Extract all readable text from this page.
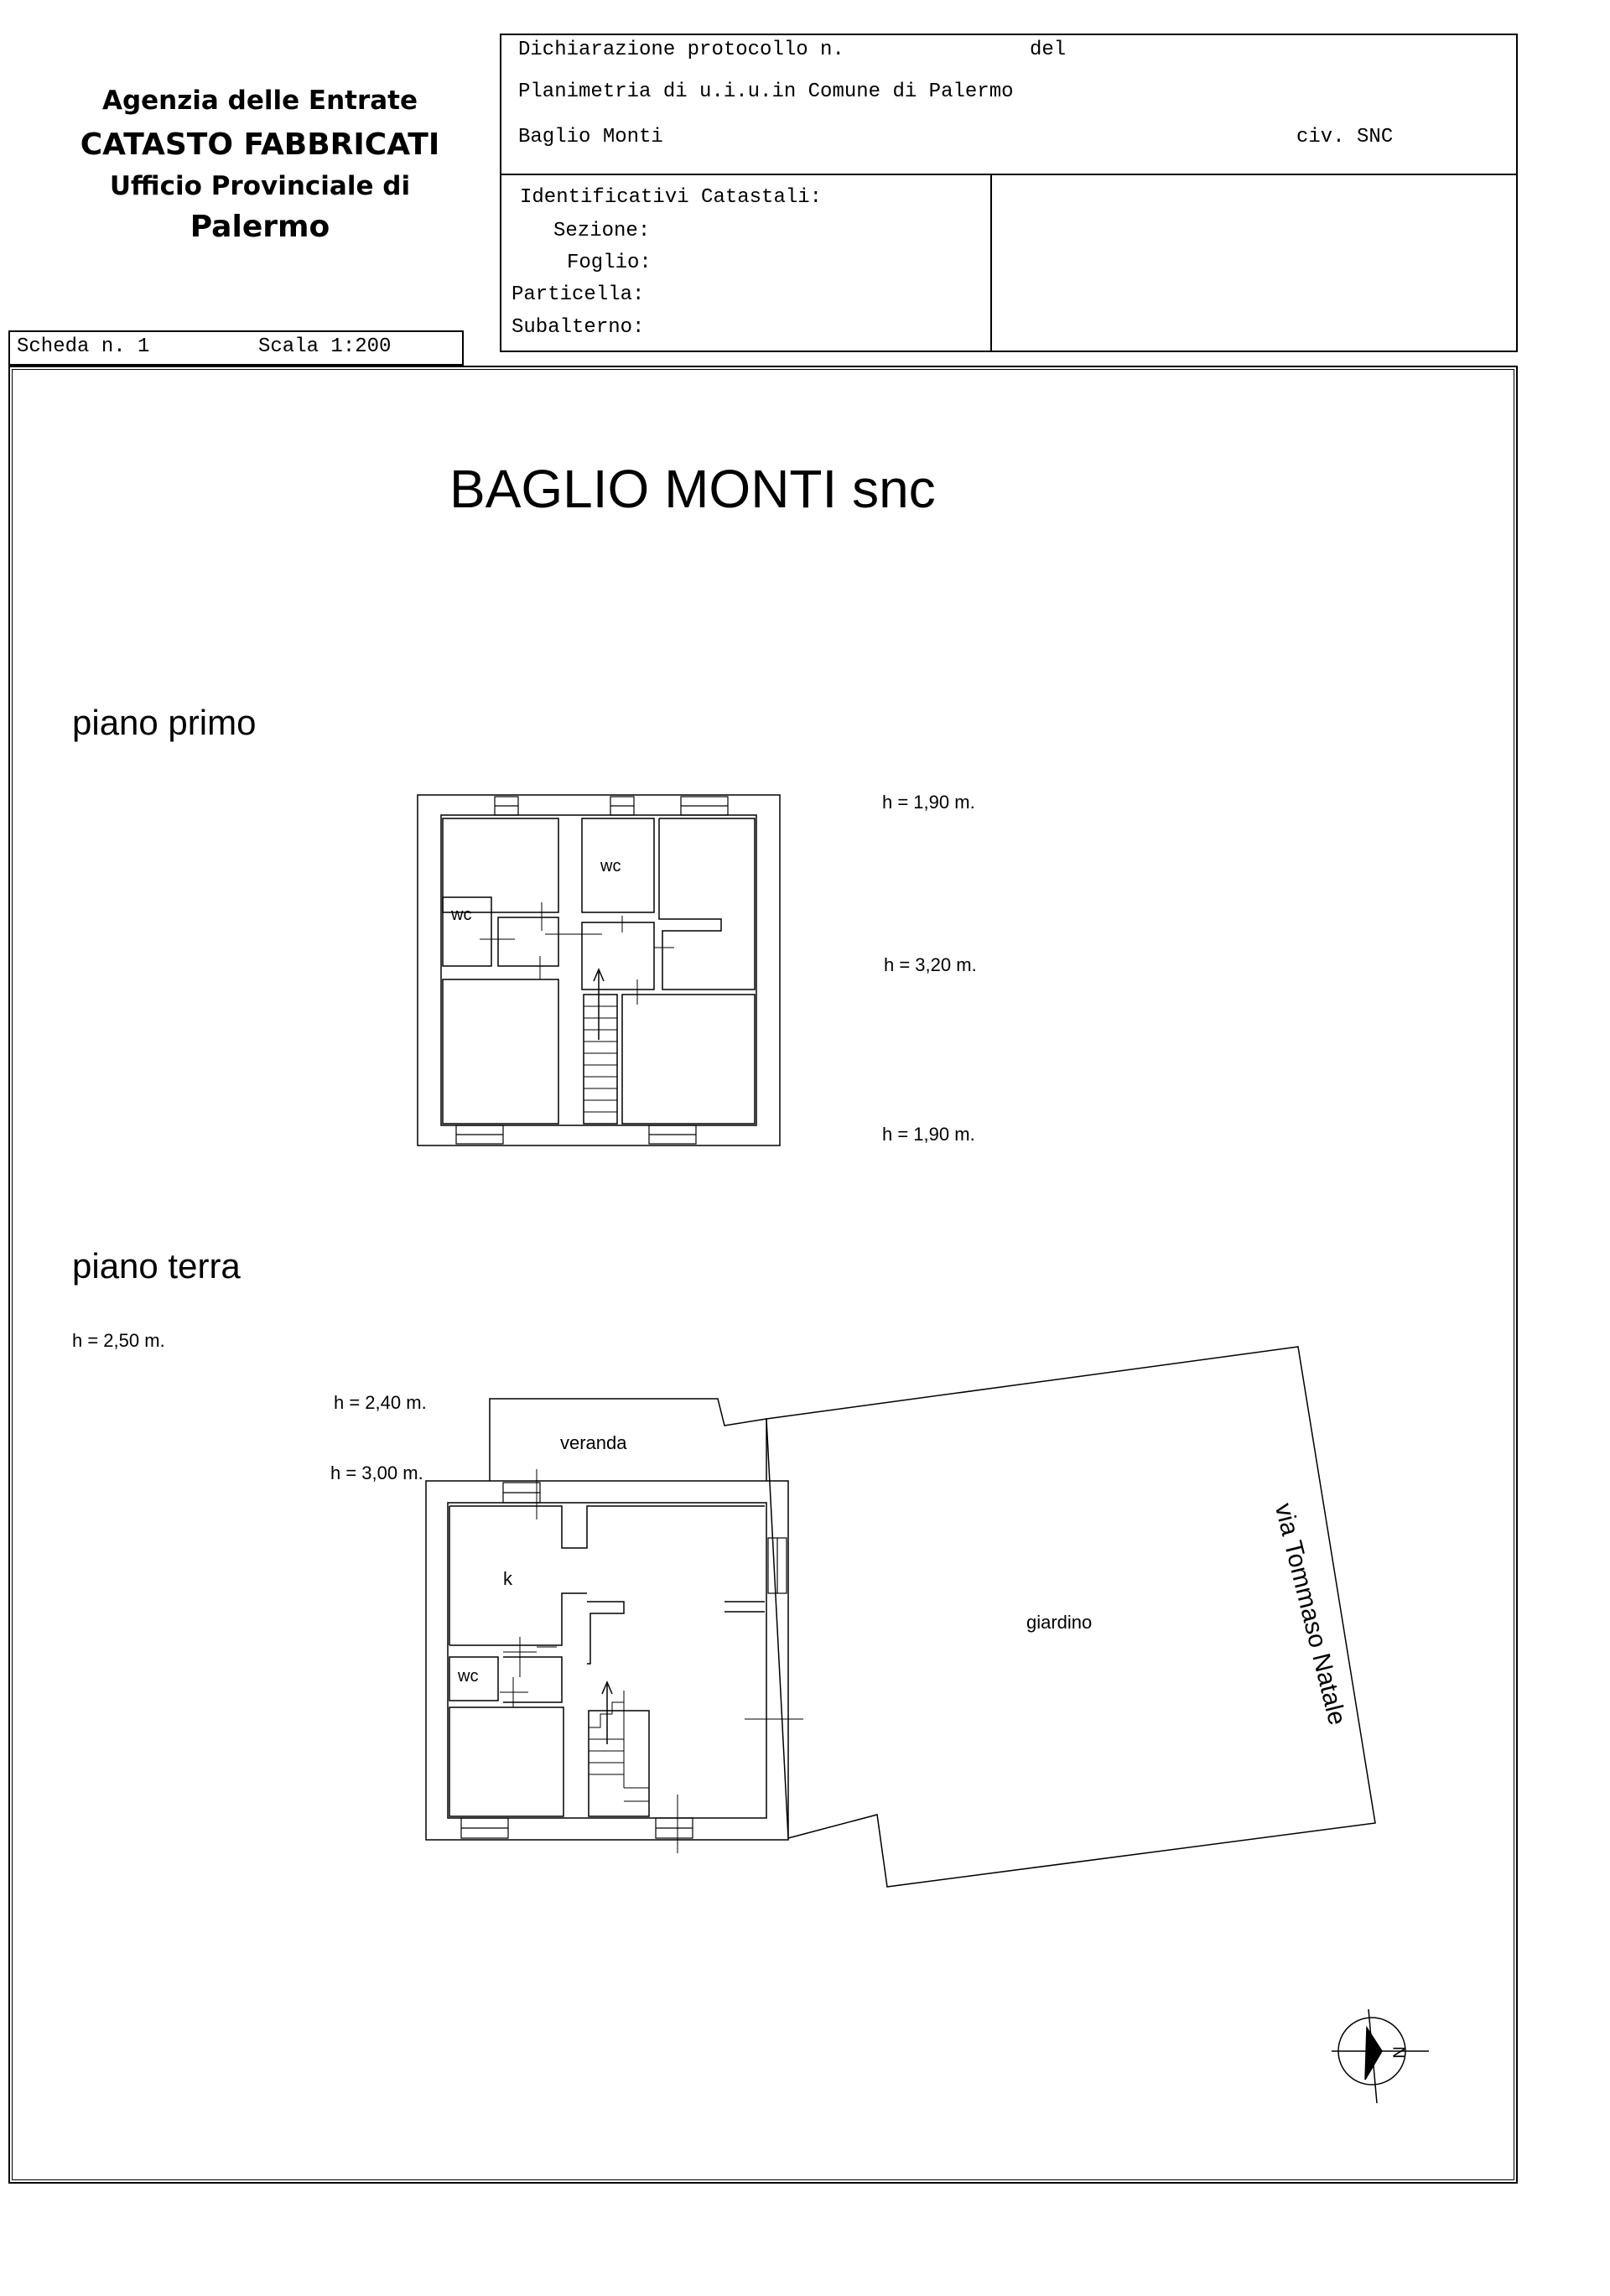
Agenzia delle Entrate
CATASTO FABBRICATI
Ufficio Provinciale di
Palermo
Dichiarazione protocollo n.	del
Planimetria di u.i.u.in Comune di Palermo
Baglio Monti	civ. SNC
Identificativi Catastali:
Sezione:
Foglio:
Particella:
Subalterno:
Scheda n. 1	Scala 1:200
BAGLIO MONTI snc
piano primo
h = 1,90 m.
h = 3,20 m.
h = 1,90 m.
piano terra
h = 2,50 m.
h = 2,40 m.
h = 3,00 m.
veranda
k
wc
giardino	via Tommaso Natale
wc
wc
N
